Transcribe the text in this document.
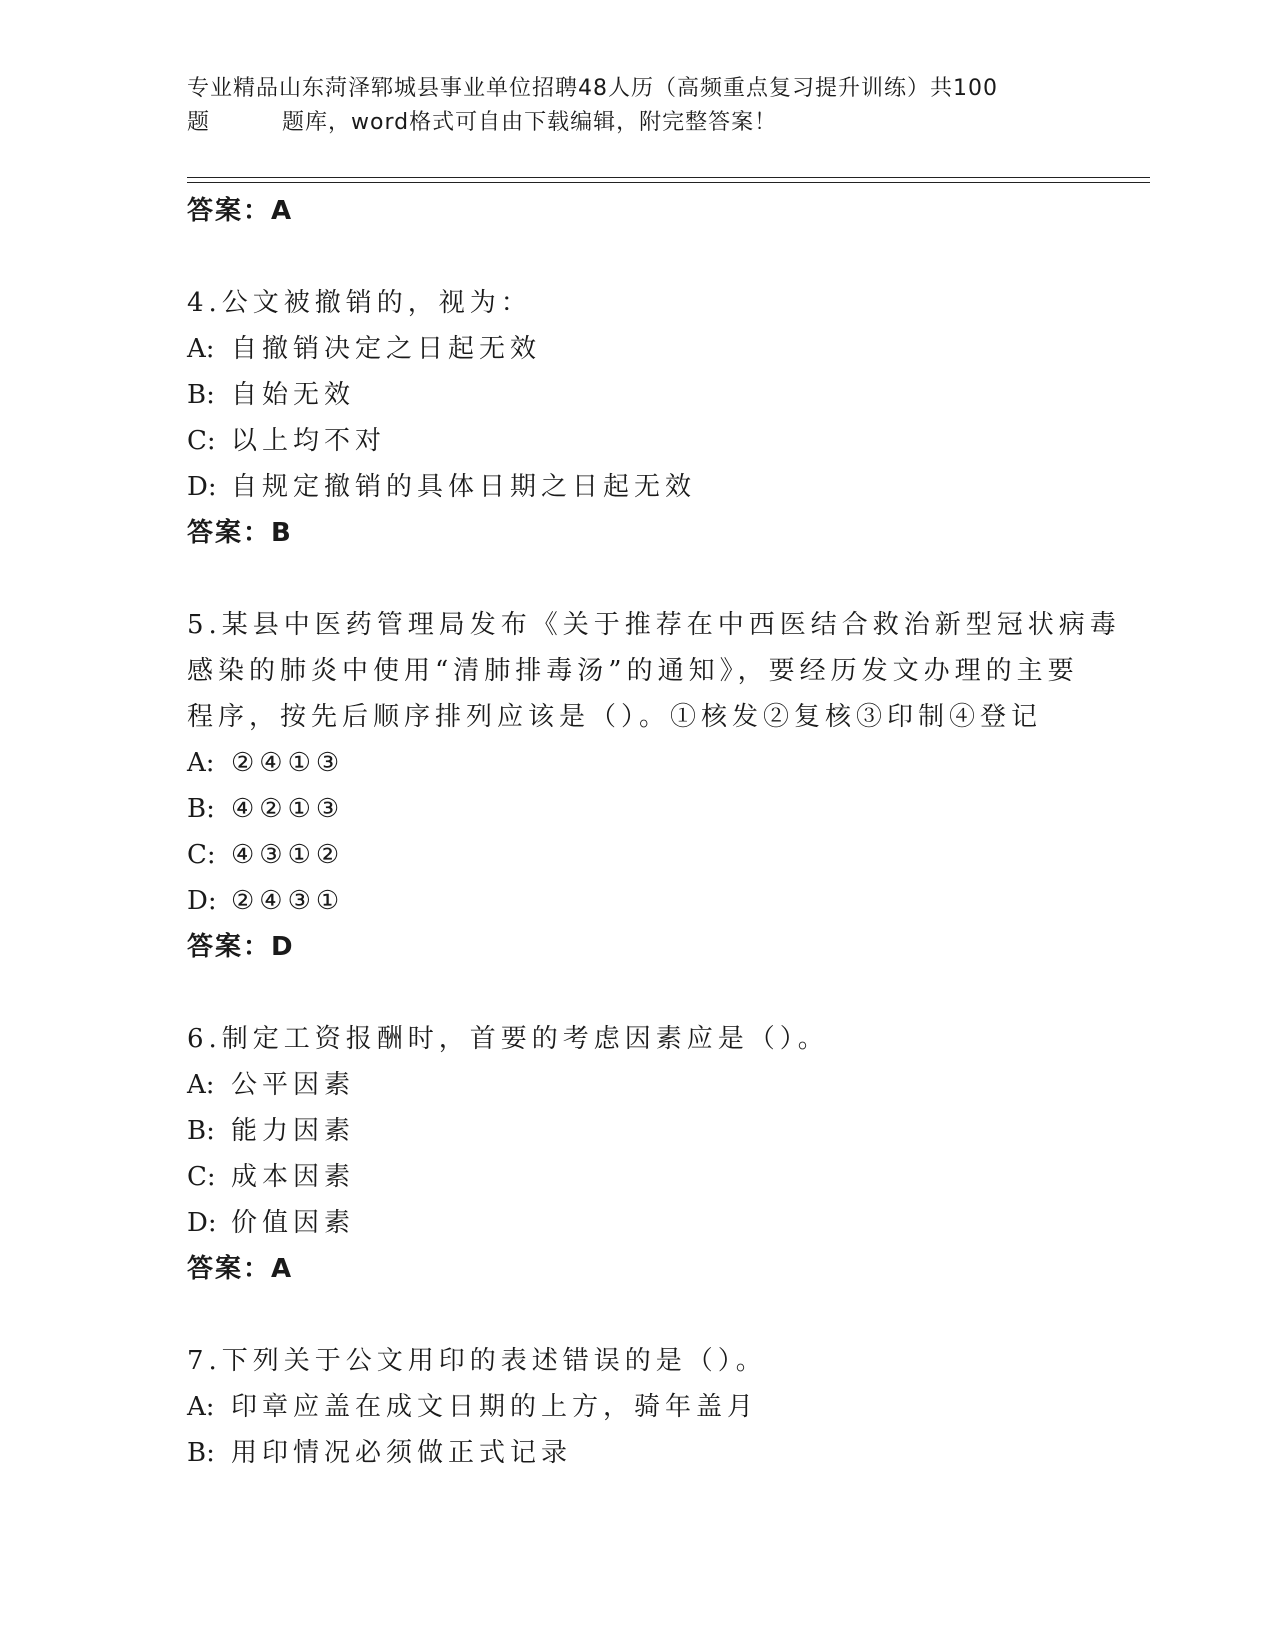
专业精品山东菏泽郓城县事业单位招聘48人历（高频重点复习提升训练）共100
题	题库，word格式可自由下载编辑，附完整答案！
答案：A
4.公文被撤销的，视为：
A: 自撤销决定之日起无效
B: 自始无效
C: 以上均不对
D: 自规定撤销的具体日期之日起无效
答案：B
5.某县中医药管理局发布《关于推荐在中西医结合救治新型冠状病毒
感染的肺炎中使用“清肺排毒汤”的通知》，要经历发文办理的主要
程序，按先后顺序排列应该是（）。①核发②复核③印制④登记
A: ②④①③
B: ④②①③
C: ④③①②
D: ②④③①
答案：D
6.制定工资报酬时，首要的考虑因素应是（）。
A: 公平因素
B: 能力因素
C: 成本因素
D: 价值因素
答案：A
7.下列关于公文用印的表述错误的是（）。
A: 印章应盖在成文日期的上方，骑年盖月
B: 用印情况必须做正式记录
